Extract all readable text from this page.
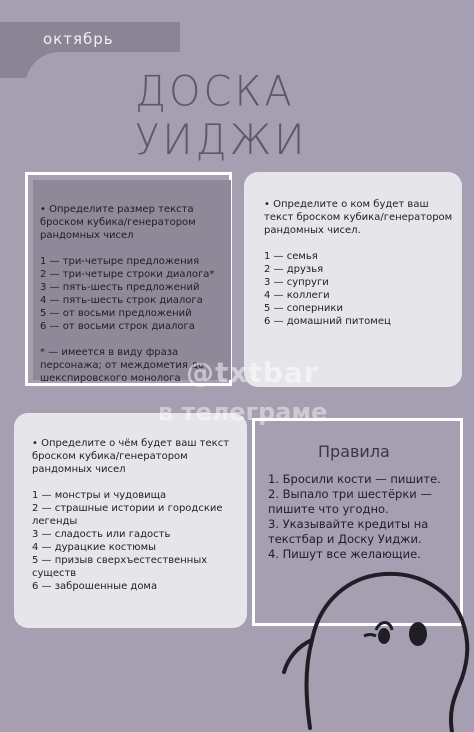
октябрь
ДОСКА УИДЖИ

• Определите размер текста броском кубика/генератором рандомных чисел

1 — три-четыре предложения

2 — три-четыре строки диалога*

3 — пять-шесть предложений

4 — пять-шесть строк диалога

5 — от восьми предложений

6 — от восьми строк диалога

* — имеется в виду фраза персонажа; от междометия до шекспировского монолога

• Определите о ком будет ваш текст броском кубика/генератором рандомных чисел.

1 — семья

2 — друзья

3 — супруги

4 — коллеги

5 — соперники

6 — домашний питомец

• Определите о чём будет ваш текст броском кубика/генератором рандомных чисел

1 — монстры и чудовища

2 — страшные истории и городские легенды

3 — сладость или гадость

4 — дурацкие костюмы

5 — призыв сверхъестественных существ

6 — заброшенные дома

Правила

1. Бросили кости — пишите.

2. Выпало три шестёрки — пишите что угодно.

3. Указывайте кредиты на текстбар и Доску Уиджи.

4. Пишут все желающие.

@txtbar
в телеграме
